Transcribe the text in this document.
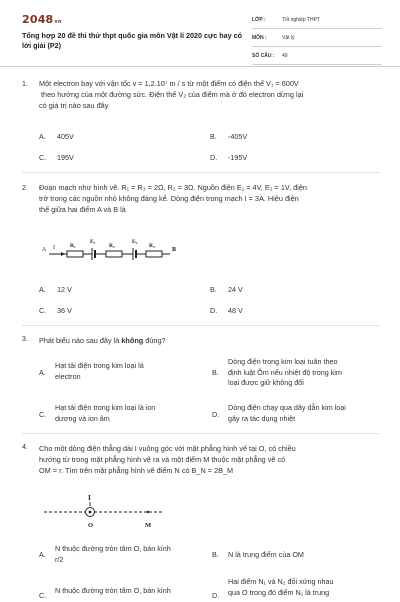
2048vn
Tổng hợp 20 đề thi thử thpt quốc gia môn Vật lí 2020 cực hay có lời giải (P2)
LỚP :	Tốt nghiệp THPT
MÔN :	Vật lý
SỐ CÂU : 40
1. Một electron bay với vận tốc v = 1,2.10⁷ m / s từ một điểm có điện thế V₁ = 600V
theo hướng của một đường sức. Điện thế V₂ của điểm mà ở đó electron dừng lại
có giá trị nào sau đây
A. 405V	B. -405V
C. 195V	D. -195V
2. Đoạn mạch như hình vẽ. R₁ = R₃ = 2Ω, R₂ = 3Ω. Nguồn điện E₁ = 4V, E₂ = 1V, điện
trở trong các nguồn nhỏ không đáng kể. Dòng điện trong mạch I = 3A. Hiệu điện
thế giữa hai điểm A và B là
A I	R₁
E₁
R₂
E₂
R₃
B
A. 12 V	B. 24 V
C. 36 V	D. 48 V
3. Phát biểu nào sau đây là không đúng?
A.
Hạt tải điện trong kim loại là
electron	B.
Dòng điện trong kim loại tuân theo
định luật Ôm nếu nhiệt độ trong kim
loại được giữ không đổi
C.
Hạt tải điện trong kim loại là ion
dương và ion âm	D.
Dòng điện chạy qua dây dẫn kim loại
gây ra tác dụng nhiệt
4. Cho một dòng điện thẳng dài I vuông góc với mặt phẳng hình vẽ tại O, có chiều
hướng từ trong mặt phẳng hình vẽ ra và một điểm M thuộc mặt phẳng vẽ có
OM = r. Tìm trên mặt phẳng hình vẽ điểm N có B_N = 2B_M
I
O	M
A.
N thuộc đường tròn tâm O, bán kính
r/2	B. N là trung điểm của OM
C.
N thuộc đường tròn tâm O, bán kính
D.
Hai điểm N₁ và N₂ đối xứng nhau
qua O trong đó điểm N₁ là trung
